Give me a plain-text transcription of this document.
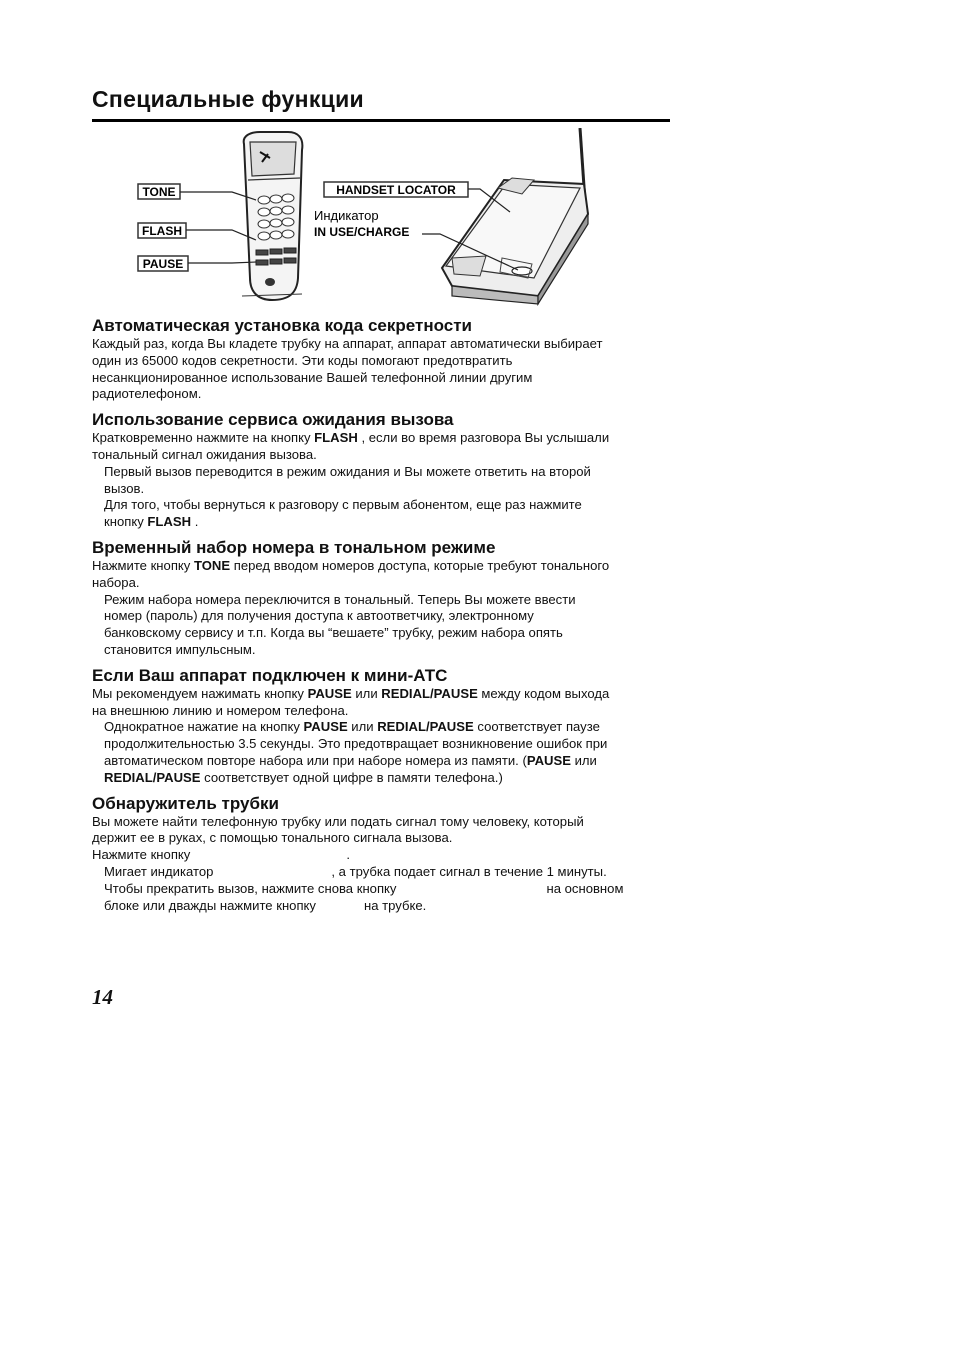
Специальные функции
TONE
FLASH
PAUSE
HANDSET LOCATOR
Индикатор
IN USE/CHARGE
Автоматическая установка кода секретности

Каждый раз, когда Вы кладете трубку на аппарат, аппарат автоматически выбирает

один из 65000 кодов секретности. Эти коды помогают предотвратить

несанкционированное использование Вашей телефонной линии другим

радиотелефоном.

Использование сервиса ожидания вызова

Кратковременно нажмите на кнопку FLASH , если во время разговора Вы услышали

тональный сигнал ожидания вызова.

Первый вызов переводится в режим ожидания и Вы можете ответить на второй

вызов.

Для того, чтобы вернуться к разговору с первым абонентом, еще раз нажмите

кнопку FLASH .

Временный набор номера в тональном режиме

Нажмите кнопку TONE перед вводом номеров доступа, которые требуют тонального

набора.

Режим набора номера переключится в тональный. Теперь Вы можете ввести

номер (пароль) для получения доступа к автоответчику, электронному

банковскому сервису и т.п. Когда вы “вешаете” трубку, режим набора опять

становится импульсным.

Если Ваш аппарат подключен к мини-АТС

Мы рекомендуем нажимать кнопку PAUSE или REDIAL/PAUSE между кодом выхода

на внешнюю линию и номером телефона.

Однократное нажатие на кнопку PAUSE или REDIAL/PAUSE соответствует паузе

продолжительностью 3.5 секунды. Это предотвращает возникновение ошибок при

автоматическом повторе набора или при наборе номера из памяти. (PAUSE или

REDIAL/PAUSE соответствует одной цифре в памяти телефона.)

Обнаружитель трубки

Вы можете найти телефонную трубку или подать сигнал тому человеку, который

держит ее в руках, с помощью тонального сигнала вызова.

Нажмите кнопку	.

Мигает индикатор	, а трубка подает сигнал в течение 1 минуты.

Чтобы прекратить вызов, нажмите снова кнопку	на основном

блоке или дважды нажмите кнопку	на трубке.

14
